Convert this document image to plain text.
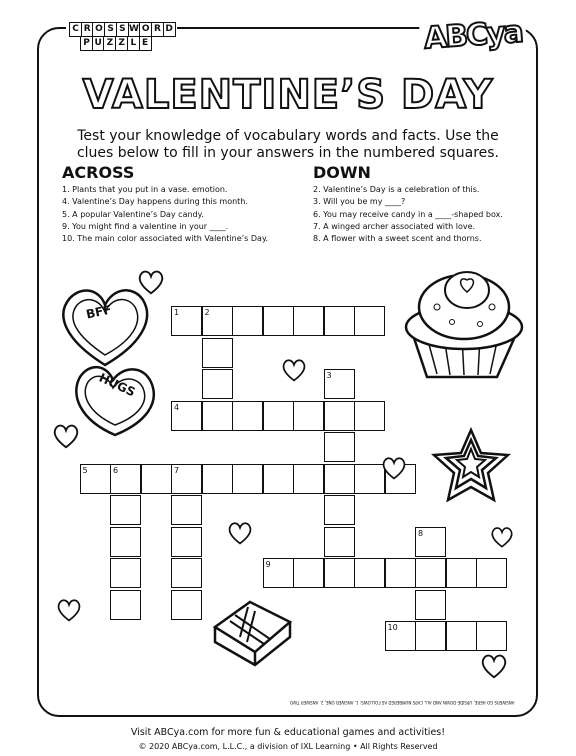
C R O S S W O R D
P U Z Z L E	ABCya
VALENTINE’S DAY
Test your knowledge of vocabulary words and facts. Use the clues below to fill in your answers in the numbered squares.
ACROSS
1. Plants that you put in a vase. emotion.
4. Valentine’s Day happens during this month.
5. A popular Valentine’s Day candy.
9. You might find a valentine in your ____.
10. The main color associated with Valentine’s Day.
DOWN
2. Valentine’s Day is a celebration of this.
3. Will you be my ____?
6. You may receive candy in a ____-shaped box.
7. A winged archer associated with love.
8. A flower with a sweet scent and thorns.
1	2
3
4
5	6	7
8
9
10
BFF
HUGS
ANSWERS GO HERE, UPSIDE-DOWN AND ALL CAPS NUMBERED AS FOLLOWS: 1. ANSWER ONE, 2. ANSWER TWO
Visit ABCya.com for more fun & educational games and activities!
© 2020 ABCya.com, L.L.C., a division of IXL Learning • All Rights Reserved
